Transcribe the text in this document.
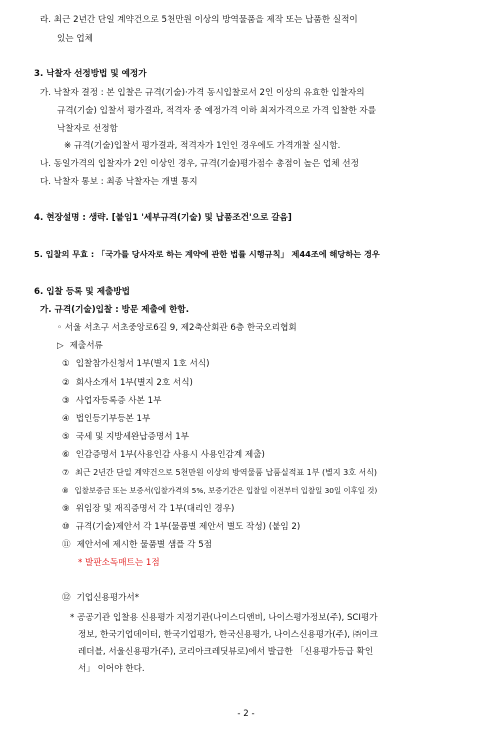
라. 최근 2년간 단일 계약건으로 5천만원 이상의 방역물품을 제작 또는 납품한 실적이
있는 업체
3. 낙찰자 선정방법 및 예정가
가. 낙찰자 결정 : 본 입찰은 규격(기술)·가격 동시입찰로서 2인 이상의 유효한 입찰자의
규격(기술) 입찰서 평가결과, 적격자 중 예정가격 이하 최저가격으로 가격 입찰한 자를
낙찰자로 선정함
※ 규격(기술)입찰서 평가결과, 적격자가 1인인 경우에도 가격개찰 실시함.
나. 동일가격의 입찰자가 2인 이상인 경우, 규격(기술)평가점수 총점이 높은 업체 선정
다. 낙찰자 통보 : 최종 낙찰자는 개별 통지
4. 현장설명 : 생략. [붙임1 '세부규격(기술) 및 납품조건'으로 갈음]
5. 입찰의 무효 : 「국가를 당사자로 하는 계약에 관한 법률 시행규칙」 제44조에 해당하는 경우
6. 입찰 등록 및 제출방법
가. 규격(기술)입찰 : 방문 제출에 한함.
◦ 서울 서초구 서초중앙로6길 9, 제2축산회관 6층 한국오리협회
▷ 제출서류
① 입찰참가신청서 1부(별지 1호 서식)
② 회사소개서 1부(별지 2호 서식)
③ 사업자등록증 사본 1부
④ 법인등기부등본 1부
⑤ 국세 및 지방세완납증명서 1부
⑥ 인감증명서 1부(사용인감 사용시 사용인감계 제출)
⑦ 최근 2년간 단일 계약건으로 5천만원 이상의 방역물품 납품실적표 1부 (별지 3호 서식)
⑧ 입찰보증금 또는 보증서(입찰가격의 5%, 보증기간은 입찰일 이전부터 입찰일 30일 이후일 것)
⑨ 위임장 및 재직증명서 각 1부(대리인 경우)
⑩ 규격(기술)제안서 각 1부(물품별 제안서 별도 작성) (붙임 2)
⑪ 제안서에 제시한 물품별 샘플 각 5점
* 발판소독매트는 1점
⑫ 기업신용평가서*
* 공공기관 입찰용 신용평가 지정기관(나이스디앤비, 나이스평가정보(주), SCI평가
정보, 한국기업데이터, 한국기업평가, 한국신용평가, 나이스신용평가(주), ㈜이크
레더블, 서울신용평가(주), 코리아크레딧뷰로)에서 발급한 「신용평가등급 확인
서」 이어야 한다.
- 2 -
